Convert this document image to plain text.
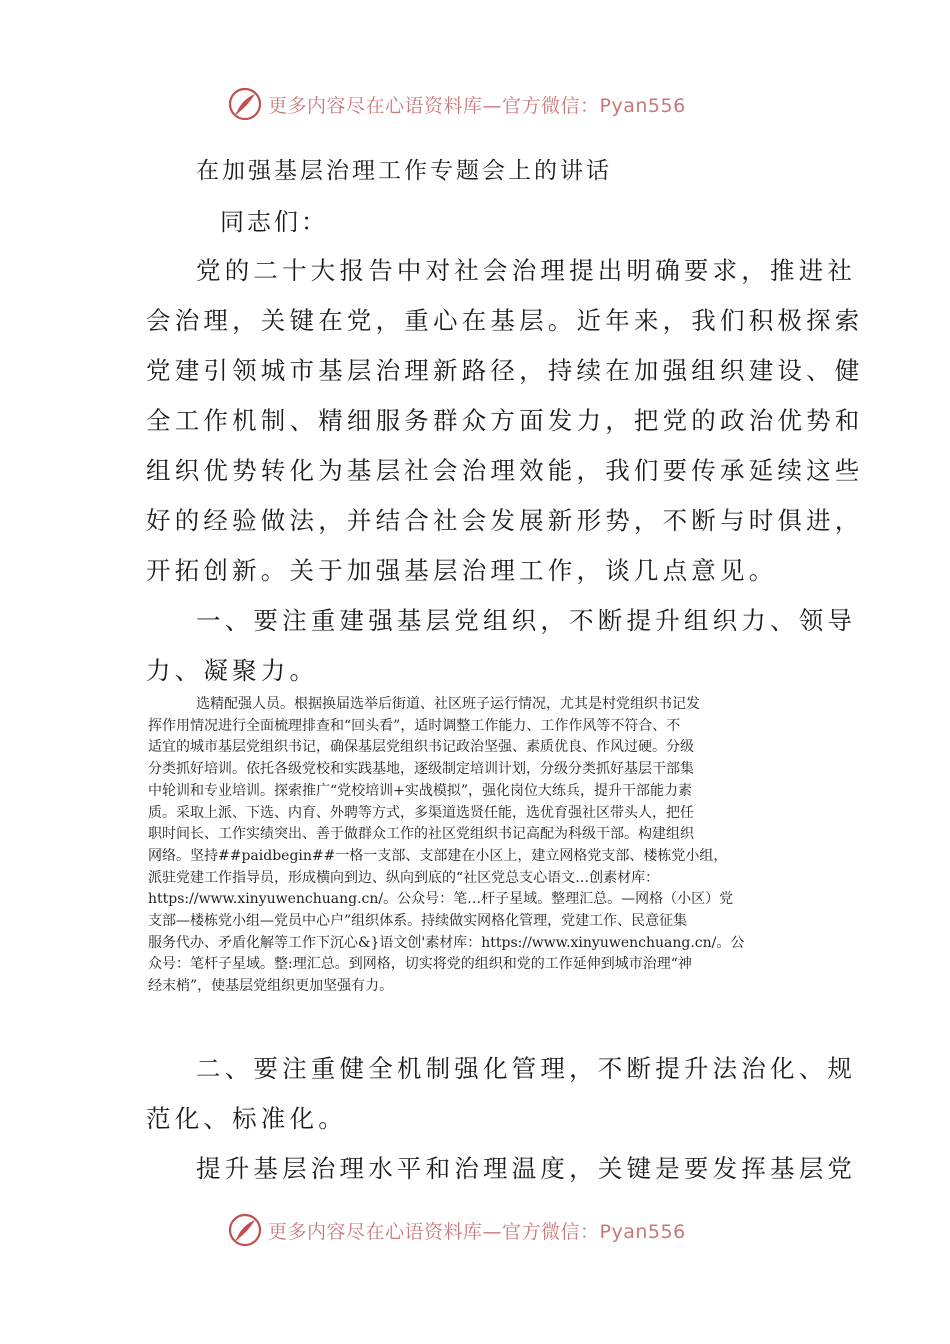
更多内容尽在心语资料库—官方微信：Pyan556
在加强基层治理工作专题会上的讲话
同志们：
党的二十大报告中对社会治理提出明确要求，推进社
会治理，关键在党，重心在基层。近年来，我们积极探索
党建引领城市基层治理新路径，持续在加强组织建设、健
全工作机制、精细服务群众方面发力，把党的政治优势和
组织优势转化为基层社会治理效能，我们要传承延续这些
好的经验做法，并结合社会发展新形势，不断与时俱进，
开拓创新。关于加强基层治理工作，谈几点意见。
一、要注重建强基层党组织，不断提升组织力、领导
力、凝聚力。
选精配强人员。根据换届选举后街道、社区班子运行情况，尤其是村党组织书记发
挥作用情况进行全面梳理排查和“回头看”，适时调整工作能力、工作作风等不符合、不
适宜的城市基层党组织书记，确保基层党组织书记政治坚强、素质优良、作风过硬。分级
分类抓好培训。依托各级党校和实践基地，逐级制定培训计划，分级分类抓好基层干部集
中轮训和专业培训。探索推广“党校培训+实战模拟”，强化岗位大练兵，提升干部能力素
质。采取上派、下选、内育、外聘等方式，多渠道选贤任能，选优育强社区带头人，把任
职时间长、工作实绩突出、善于做群众工作的社区党组织书记高配为科级干部。构建组织
网络。坚持##paidbegin##一格一支部、支部建在小区上，建立网格党支部、楼栋党小组，
派驻党建工作指导员，形成横向到边、纵向到底的“社区党总支心语文…创素材库：
https://www.xinyuwenchuang.cn/。公众号：笔…杆子星域。整理汇总。—网格（小区）党
支部—楼栋党小组—党员中心户”组织体系。持续做实网格化管理，党建工作、民意征集
服务代办、矛盾化解等工作下沉心&}语文创'素材库：https://www.xinyuwenchuang.cn/。公
众号：笔杆子星域。整:理汇总。到网格，切实将党的组织和党的工作延伸到城市治理“神
经末梢”，使基层党组织更加坚强有力。
二、要注重健全机制强化管理，不断提升法治化、规
范化、标准化。
提升基层治理水平和治理温度，关键是要发挥基层党
更多内容尽在心语资料库—官方微信：Pyan556
